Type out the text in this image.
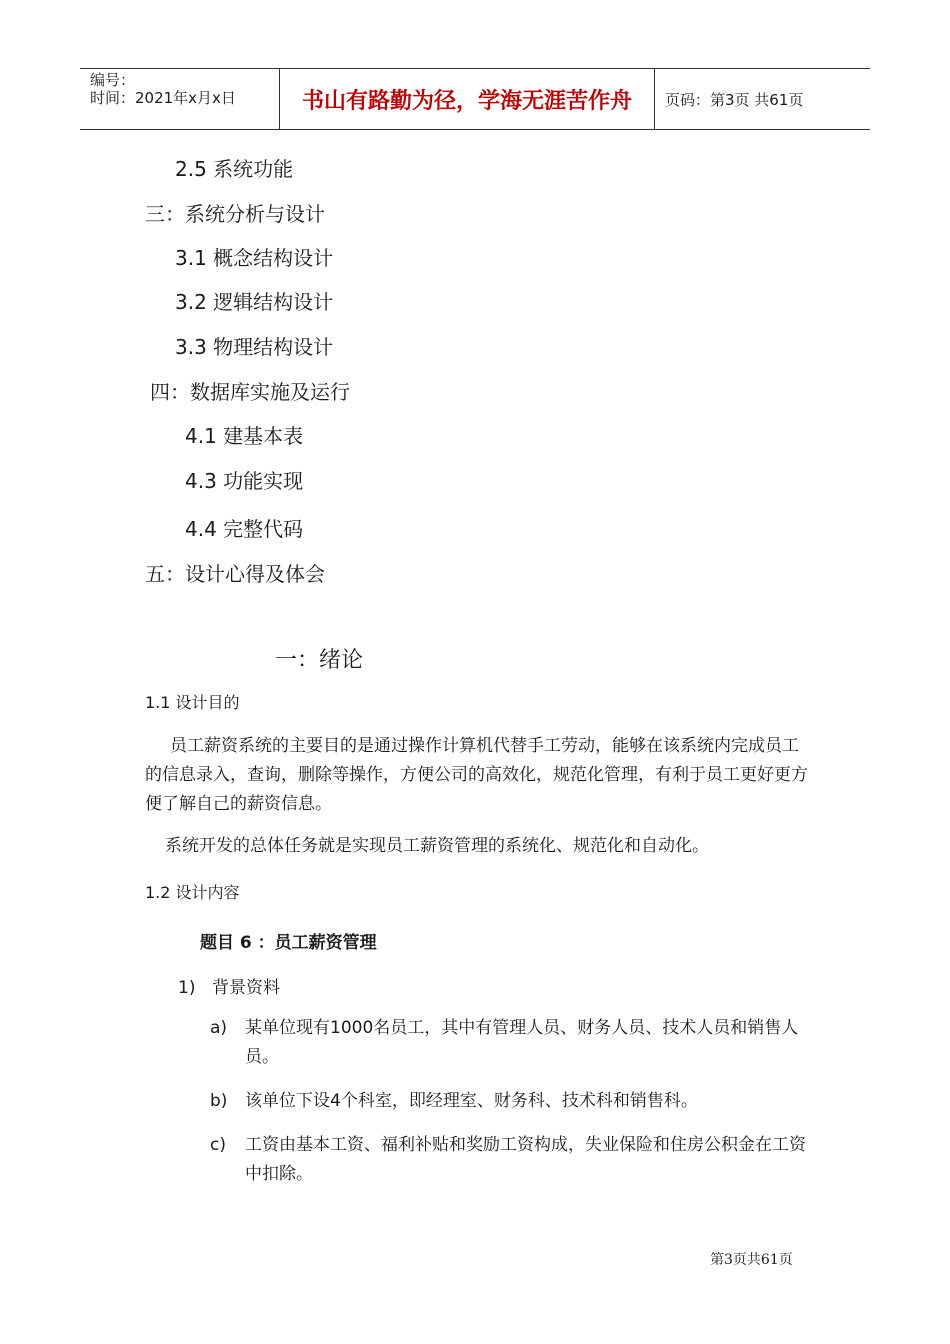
编号：
时间：2021年x月x日	书山有路勤为径，学海无涯苦作舟	页码：第3页 共61页
2.5 系统功能
三：系统分析与设计
3.1 概念结构设计
3.2 逻辑结构设计
3.3 物理结构设计
四：数据库实施及运行
4.1 建基本表
4.3 功能实现
4.4 完整代码
五：设计心得及体会
一：绪论
1.1 设计目的
员工薪资系统的主要目的是通过操作计算机代替手工劳动，能够在该系统内完成员工的信息录入，查询，删除等操作，方便公司的高效化，规范化管理，有利于员工更好更方便了解自己的薪资信息。
系统开发的总体任务就是实现员工薪资管理的系统化、规范化和自动化。
1.2 设计内容
题目 6 ：员工薪资管理
1) 背景资料
a)	某单位现有1000名员工，其中有管理人员、财务人员、技术人员和销售人员。
b)	该单位下设4个科室，即经理室、财务科、技术科和销售科。
c)	工资由基本工资、福利补贴和奖励工资构成，失业保险和住房公积金在工资中扣除。
第3页共61页
